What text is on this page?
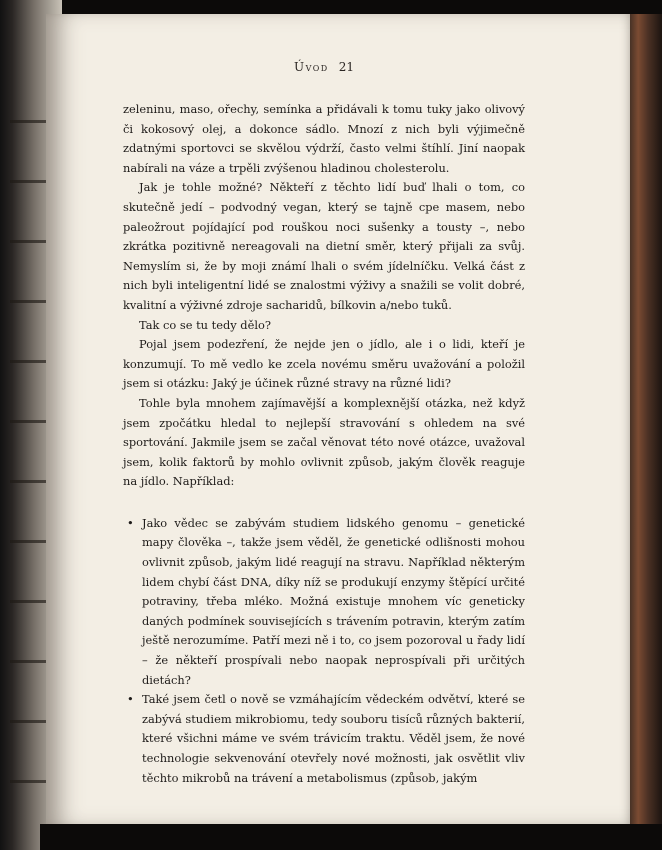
Úvod 21

zeleninu, maso, ořechy, semínka a přidávali k tomu tuky jako olivový či kokosový olej, a dokonce sádlo. Mnozí z nich byli výjimečně zdatnými sportovci se skvělou výdrží, často velmi štíhlí. Jiní naopak nabírali na váze a trpěli zvýšenou hladinou cholesterolu.

Jak je tohle možné? Někteří z těchto lidí buď lhali o tom, co skutečně jedí – podvodný vegan, který se tajně cpe masem, nebo paleožrout pojídající pod rouškou noci sušenky a tousty –, nebo zkrátka pozitivně nereagovali na dietní směr, který přijali za svůj. Nemyslím si, že by moji známí lhali o svém jídelníčku. Velká část z nich byli inteligentní lidé se znalostmi výživy a snažili se volit dobré, kvalitní a výživné zdroje sacharidů, bílkovin a/nebo tuků.

Tak co se tu tedy dělo?

Pojal jsem podezření, že nejde jen o jídlo, ale i o lidi, kteří je konzumují. To mě vedlo ke zcela novému směru uvažování a položil jsem si otázku: Jaký je účinek různé stravy na různé lidi?

Tohle byla mnohem zajímavější a komplexnější otázka, než když jsem zpočátku hledal to nejlepší stravování s ohledem na své sportování. Jakmile jsem se začal věnovat této nové otázce, uvažoval jsem, kolik faktorů by mohlo ovlivnit způsob, jakým člověk reaguje na jídlo. Například:

• Jako vědec se zabývám studiem lidského genomu – genetické mapy člověka –, takže jsem věděl, že genetické odlišnosti mohou ovlivnit způsob, jakým lidé reagují na stravu. Například některým lidem chybí část DNA, díky níž se produkují enzymy štěpící určité potraviny, třeba mléko. Možná existuje mnohem víc geneticky daných podmínek souvisejících s trávením potravin, kterým zatím ještě nerozumíme. Patří mezi ně i to, co jsem pozoroval u řady lidí – že někteří prospívali nebo naopak neprospívali při určitých dietách?
• Také jsem četl o nově se vzmáhajícím vědeckém odvětví, které se zabývá studiem mikrobiomu, tedy souboru tisíců různých bakterií, které všichni máme ve svém trávicím traktu. Věděl jsem, že nové technologie sekvenování otevřely nové možnosti, jak osvětlit vliv těchto mikrobů na trávení a metabolismus (způsob, jakým
